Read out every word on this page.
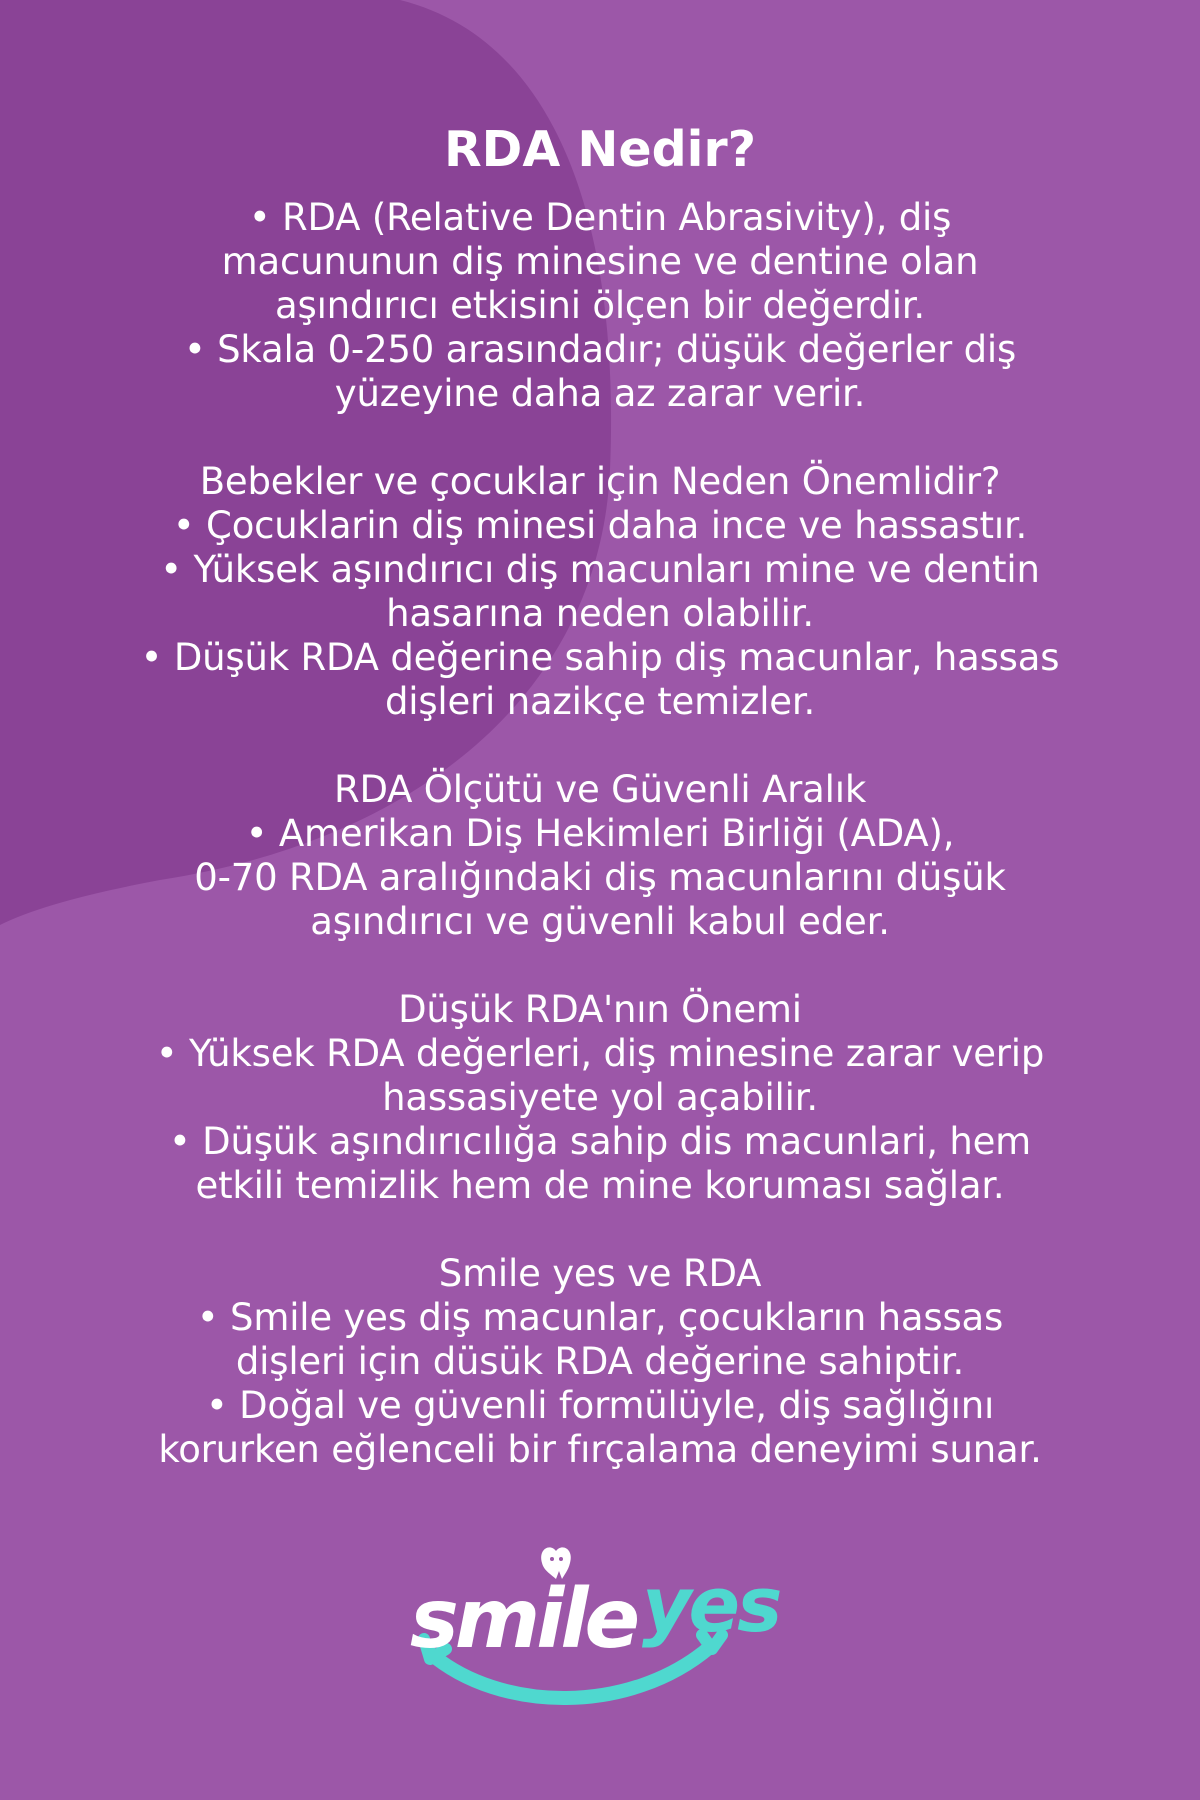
RDA Nedir?
• RDA (Relative Dentin Abrasivity), diş
macununun diş minesine ve dentine olan
aşındırıcı etkisini ölçen bir değerdir.
• Skala 0-250 arasındadır; düşük değerler diş
yüzeyine daha az zarar verir.
Bebekler ve çocuklar için Neden Önemlidir?
• Çocuklarin diş minesi daha ince ve hassastır.
• Yüksek aşındırıcı diş macunları mine ve dentin
hasarına neden olabilir.
• Düşük RDA değerine sahip diş macunlar, hassas
dişleri nazikçe temizler.
RDA Ölçütü ve Güvenli Aralık
• Amerikan Diş Hekimleri Birliği (ADA),
0-70 RDA aralığındaki diş macunlarını düşük
aşındırıcı ve güvenli kabul eder.
Düşük RDA'nın Önemi
• Yüksek RDA değerleri, diş minesine zarar verip
hassasiyete yol açabilir.
• Düşük aşındırıcılığa sahip dis macunlari, hem
etkili temizlik hem de mine koruması sağlar.
Smile yes ve RDA
• Smile yes diş macunlar, çocukların hassas
dişleri için düsük RDA değerine sahiptir.
• Doğal ve güvenli formülüyle, diş sağlığını
korurken eğlenceli bir fırçalama deneyimi sunar.
smile yes
